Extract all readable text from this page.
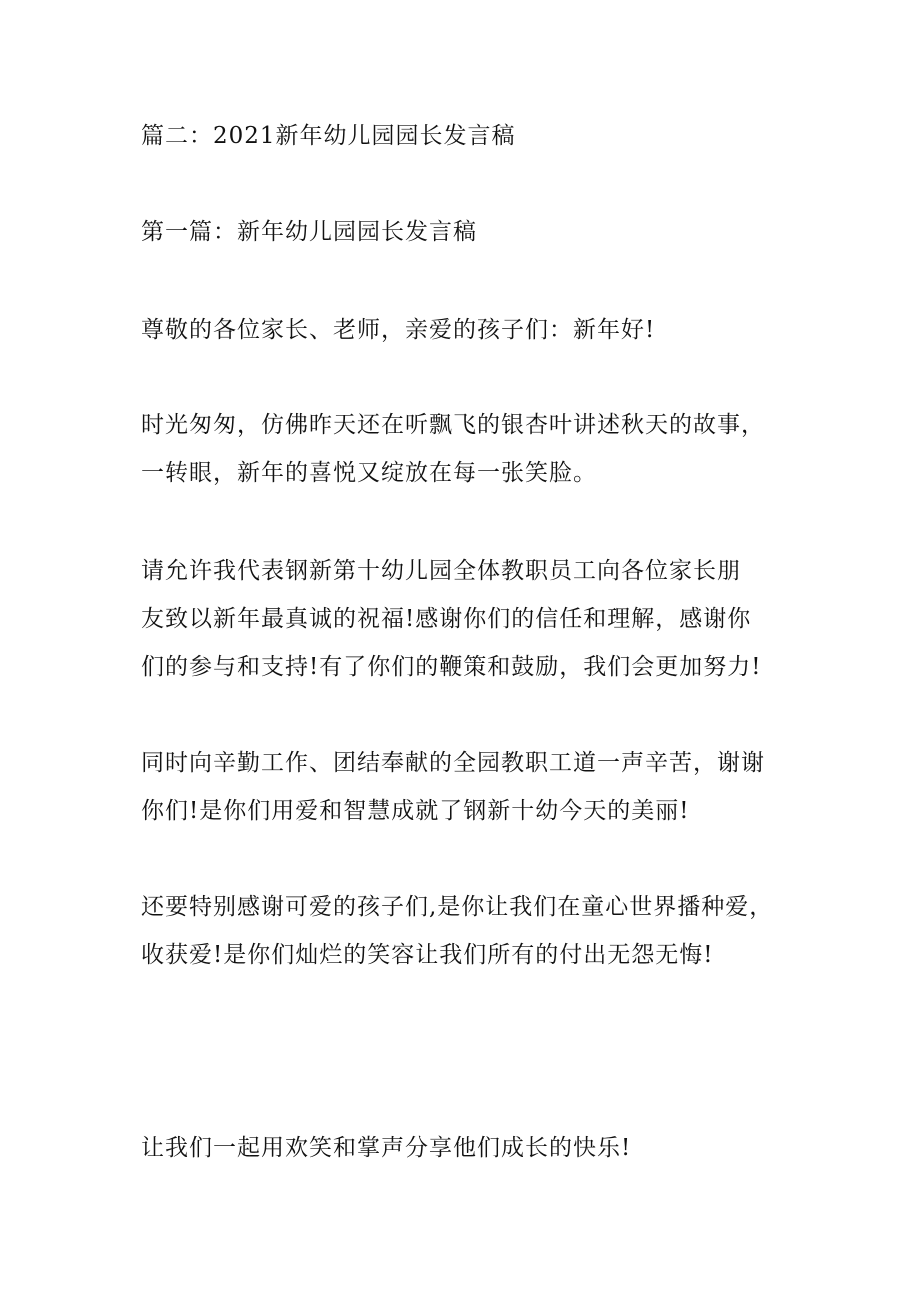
篇二：2021新年幼儿园园长发言稿
第一篇：新年幼儿园园长发言稿
尊敬的各位家长、老师，亲爱的孩子们：新年好!
时光匆匆，仿佛昨天还在听飘飞的银杏叶讲述秋天的故事，
一转眼，新年的喜悦又绽放在每一张笑脸。
请允许我代表钢新第十幼儿园全体教职员工向各位家长朋
友致以新年最真诚的祝福!感谢你们的信任和理解，感谢你
们的参与和支持!有了你们的鞭策和鼓励，我们会更加努力!
同时向辛勤工作、团结奉献的全园教职工道一声辛苦，谢谢
你们!是你们用爱和智慧成就了钢新十幼今天的美丽!
还要特别感谢可爱的孩子们,是你让我们在童心世界播种爱，
收获爱!是你们灿烂的笑容让我们所有的付出无怨无悔!
让我们一起用欢笑和掌声分享他们成长的快乐!
